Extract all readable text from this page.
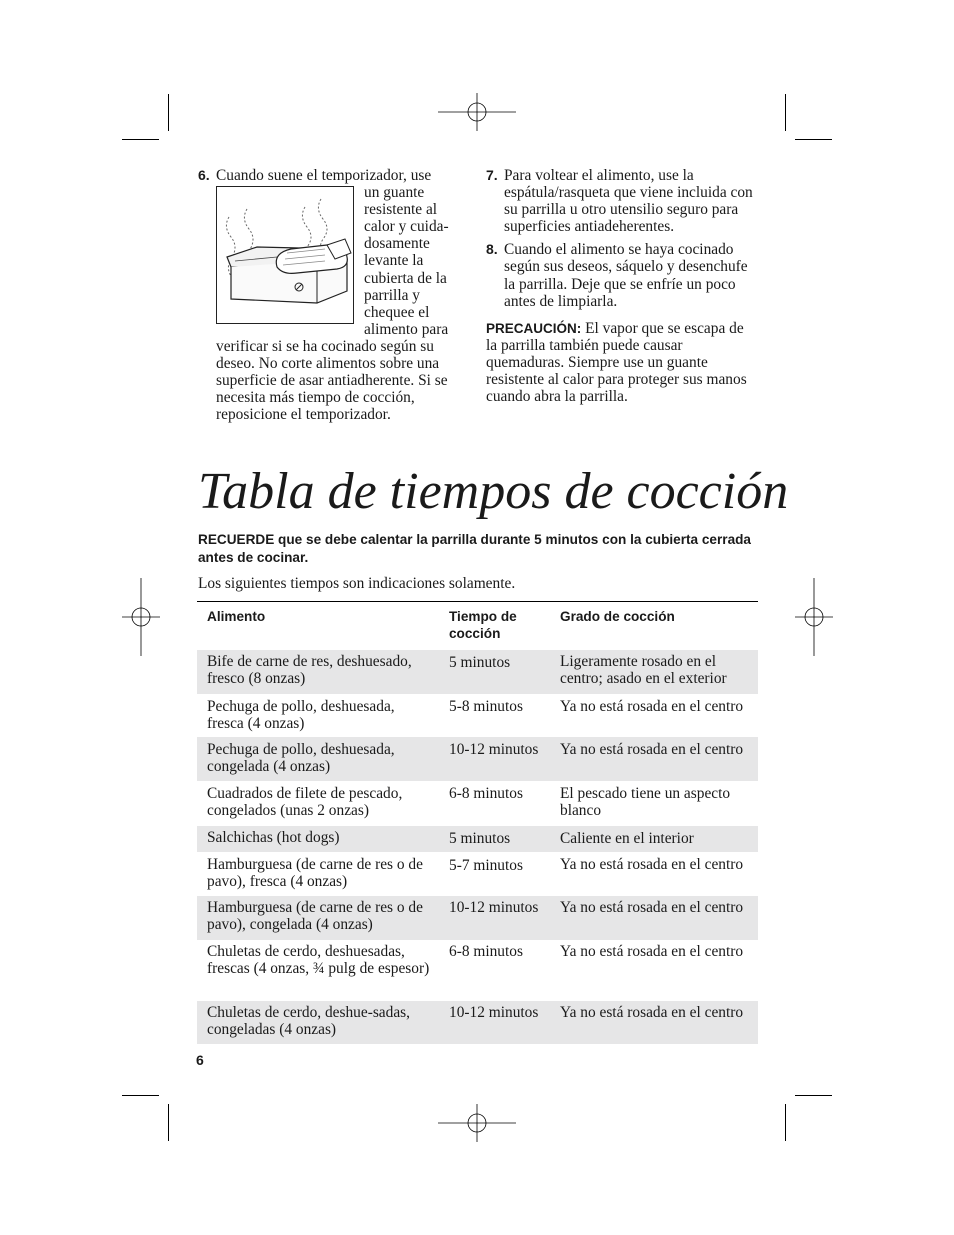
6. Cuando suene el temporizador, use
un guante resistente al calor y cuida-dosamente levante la cubierta de la parrilla y chequee el alimento para
verificar si se ha cocinado según su deseo. No corte alimentos sobre una superficie de asar antiadherente. Si se necesita más tiempo de cocción, reposicione el temporizador.
7. Para voltear el alimento, use la espátula/rasqueta que viene incluida con su parrilla u otro utensilio seguro para superficies antiadeherentes.
8. Cuando el alimento se haya cocinado según sus deseos, sáquelo y desenchufe la parrilla. Deje que se enfríe un poco antes de limpiarla.
PRECAUCIÓN: El vapor que se escapa de la parrilla también puede causar quemaduras. Siempre use un guante resistente al calor para proteger sus manos cuando abra la parrilla.
Tabla de tiempos de cocción
RECUERDE que se debe calentar la parrilla durante 5 minutos con la cubierta cerrada antes de cocinar.
Los siguientes tiempos son indicaciones solamente.
Alimento	Tiempo de cocción	Grado de cocción
Bife de carne de res, deshuesado, fresco (8 onzas)	5 minutos	Ligeramente rosado en el centro; asado en el exterior
Pechuga de pollo, deshuesada, fresca (4 onzas)	5-8 minutos	Ya no está rosada en el centro
Pechuga de pollo, deshuesada, congelada (4 onzas)	10-12 minutos	Ya no está rosada en el centro
Cuadrados de filete de pescado, congelados (unas 2 onzas)	6-8 minutos	El pescado tiene un aspecto blanco
Salchichas (hot dogs)	5 minutos	Caliente en el interior
Hamburguesa (de carne de res o de pavo), fresca (4 onzas)	5-7 minutos	Ya no está rosada en el centro
Hamburguesa (de carne de res o de pavo), congelada (4 onzas)	10-12 minutos	Ya no está rosada en el centro
Chuletas de cerdo, deshuesadas, frescas (4 onzas, ¾ pulg de espesor)	6-8 minutos	Ya no está rosada en el centro
Chuletas de cerdo, deshue-sadas, congeladas (4 onzas)	10-12 minutos	Ya no está rosada en el centro
6
